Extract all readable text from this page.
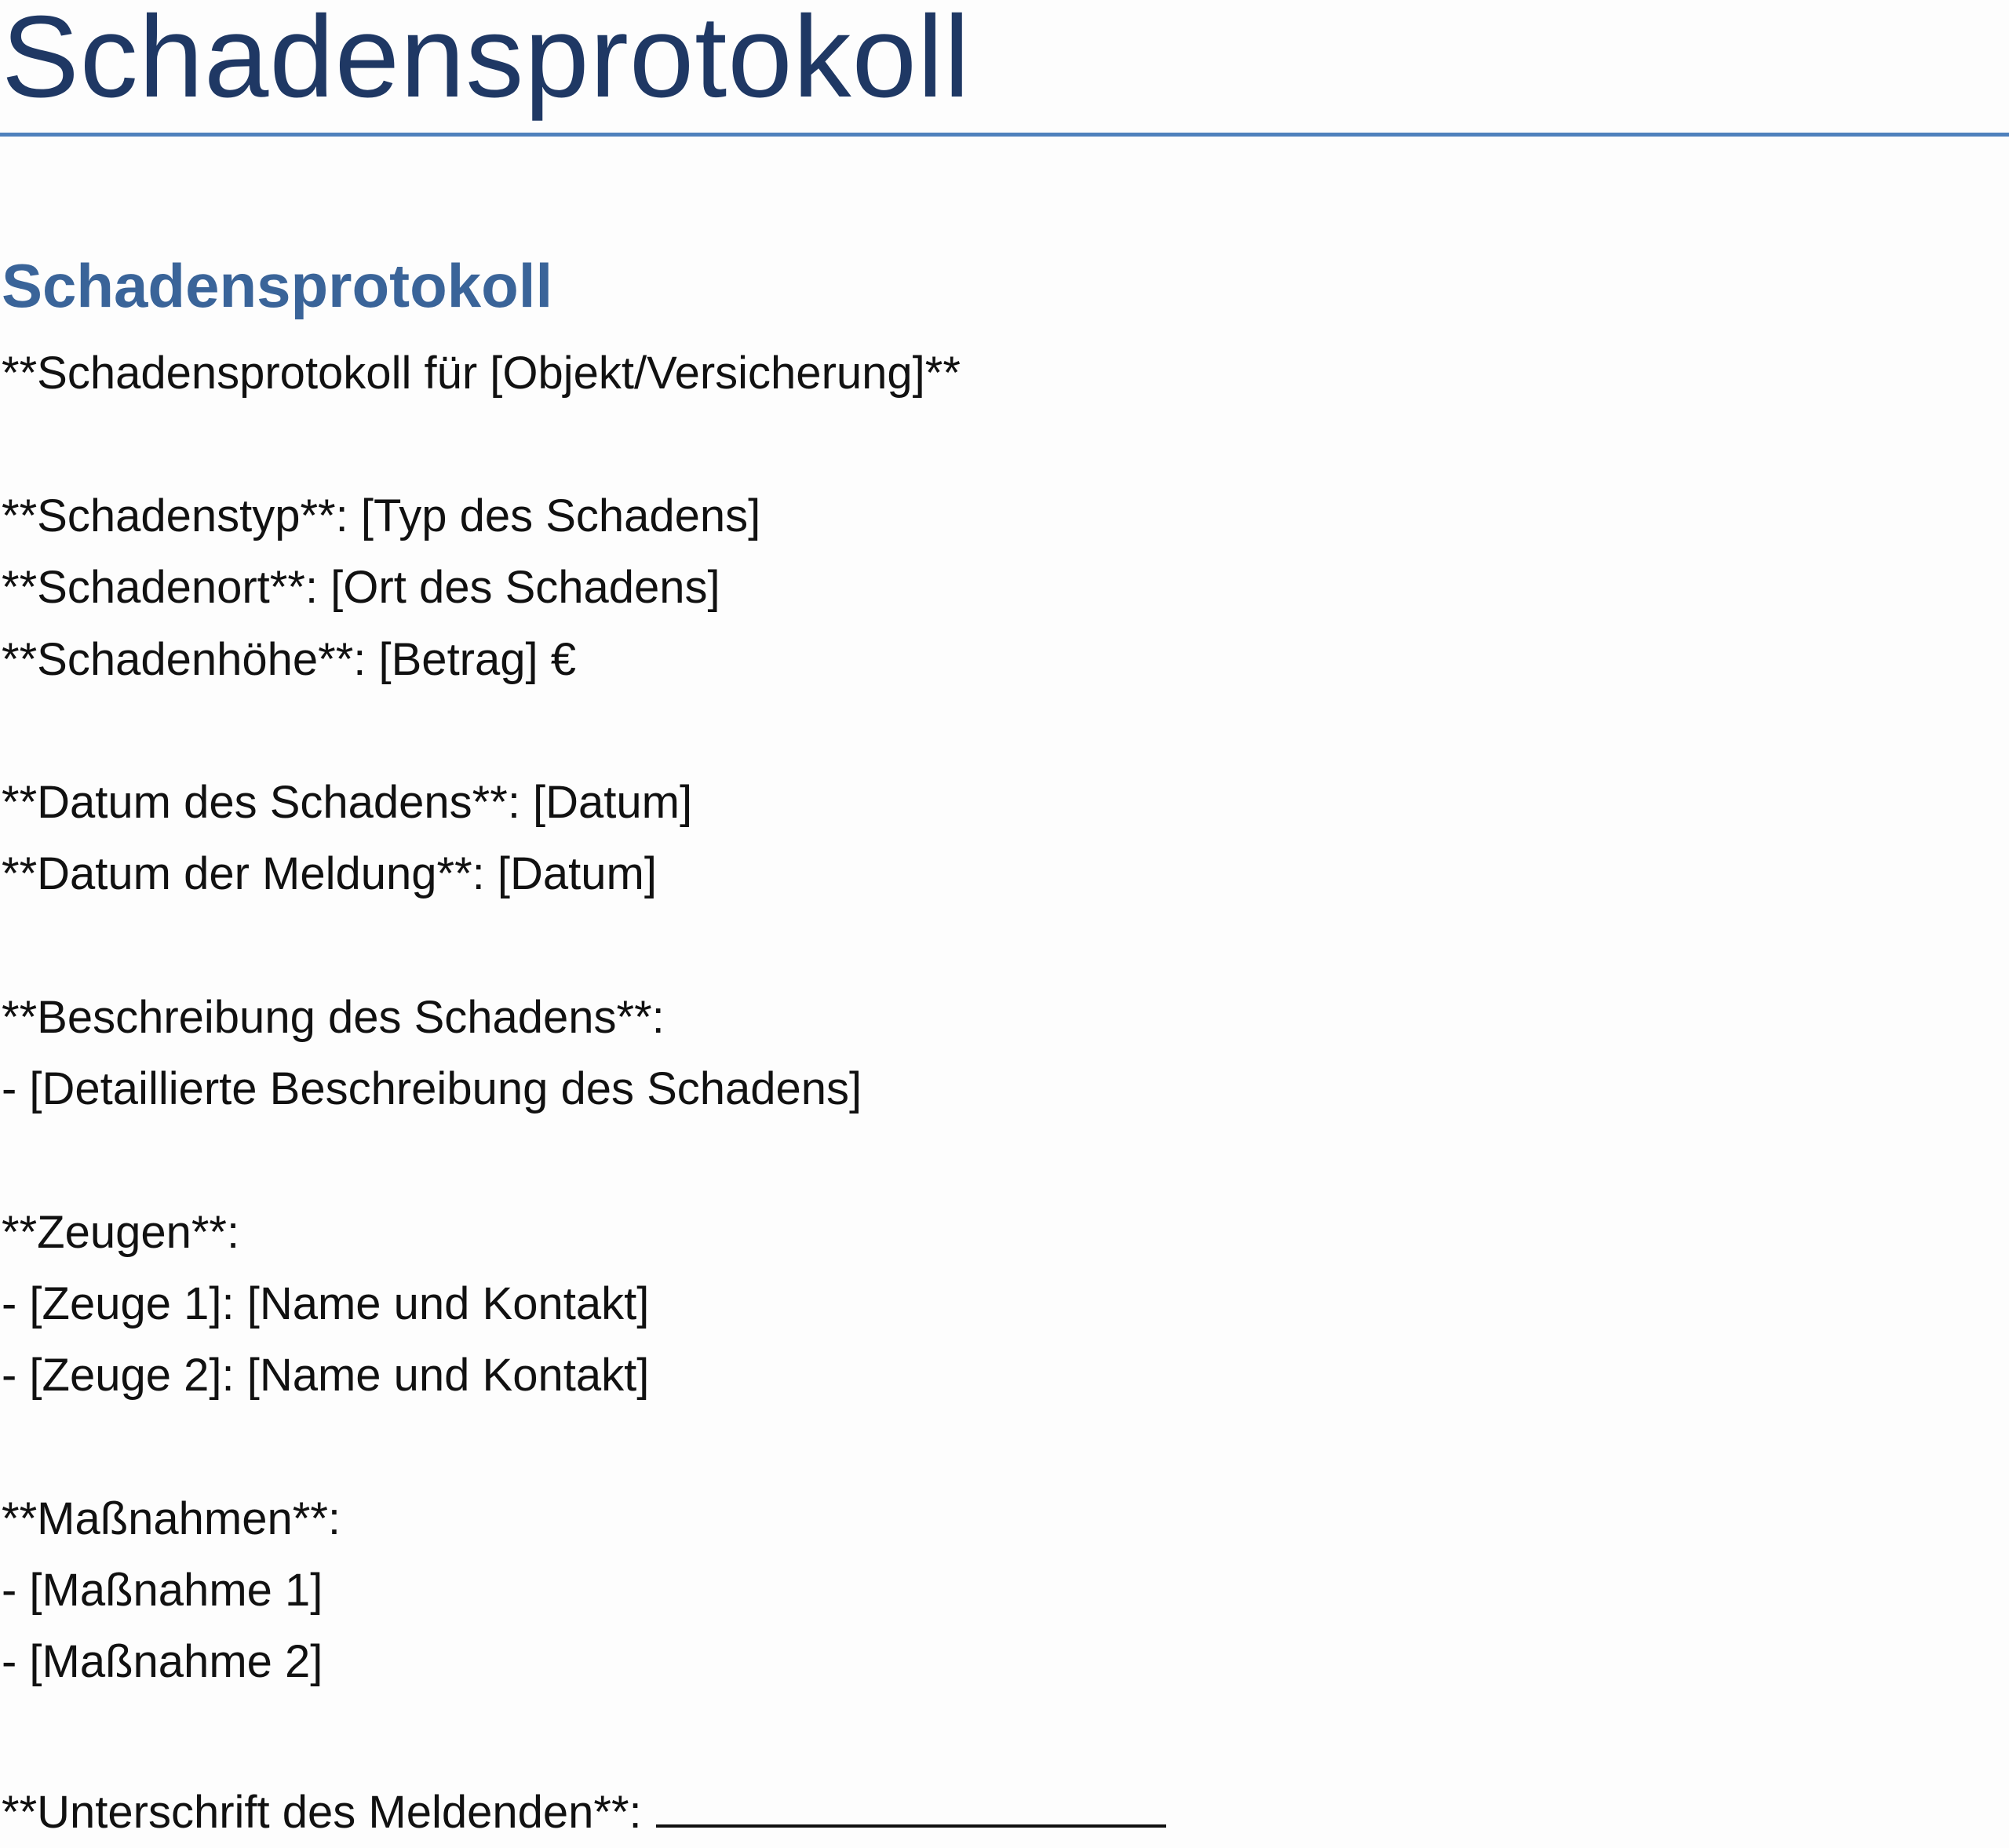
Schadensprotokoll
Schadensprotokoll
**Schadensprotokoll für [Objekt/Versicherung]**
**Schadenstyp**: [Typ des Schadens]
**Schadenort**: [Ort des Schadens]
**Schadenhöhe**: [Betrag] €
**Datum des Schadens**: [Datum]
**Datum der Meldung**: [Datum]
**Beschreibung des Schadens**:
- [Detaillierte Beschreibung des Schadens]
**Zeugen**:
- [Zeuge 1]: [Name und Kontakt]
- [Zeuge 2]: [Name und Kontakt]
**Maßnahmen**:
- [Maßnahme 1]
- [Maßnahme 2]
**Unterschrift des Meldenden**:
